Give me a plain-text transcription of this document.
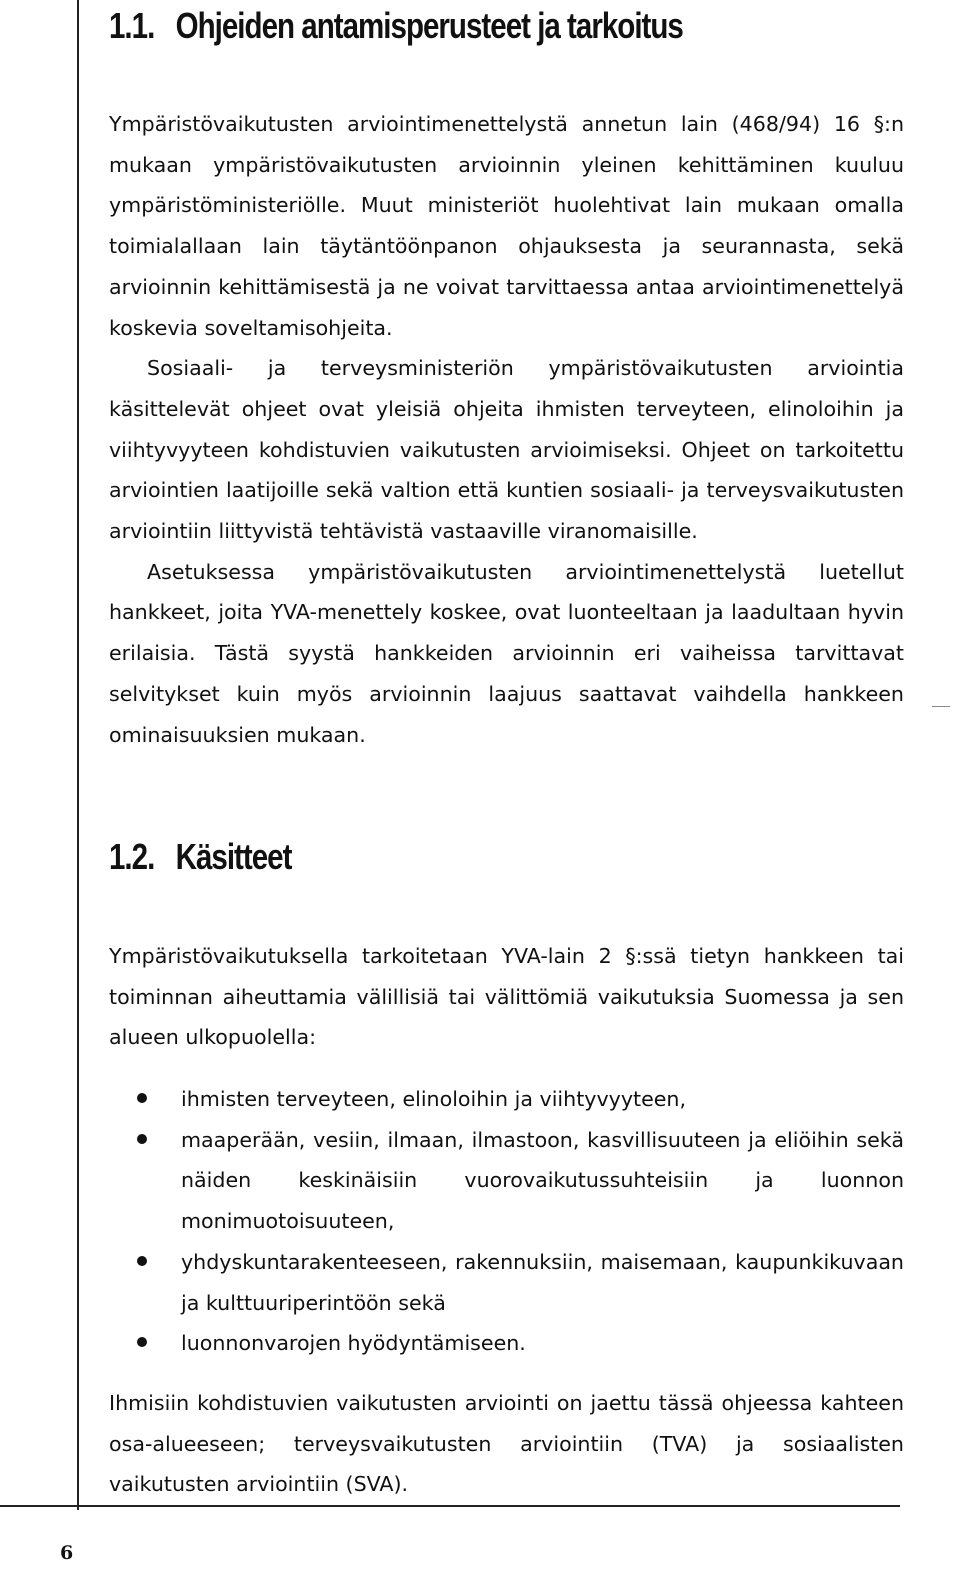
1.1. Ohjeiden antamisperusteet ja tarkoitus

Ympäristövaikutusten arviointimenettelystä annetun lain (468/94) 16 §:n mukaan ympäristövaikutusten arvioinnin yleinen kehittäminen kuuluu ympäristöministeriölle. Muut ministeriöt huolehtivat lain mukaan omalla toimialallaan lain täytäntöönpanon ohjauksesta ja seurannasta, sekä arvioinnin kehittämisestä ja ne voivat tarvittaessa antaa arviointimenettelyä koskevia soveltamisohjeita.

Sosiaali- ja terveysministeriön ympäristövaikutusten arviointia käsittelevät ohjeet ovat yleisiä ohjeita ihmisten terveyteen, elinoloihin ja viihtyvyyteen kohdistuvien vaikutusten arvioimiseksi. Ohjeet on tarkoitettu arviointien laatijoille sekä valtion että kuntien sosiaali- ja terveysvaikutusten arviointiin liittyvistä tehtävistä vastaaville viranomaisille.

Asetuksessa ympäristövaikutusten arviointimenettelystä luetellut hankkeet, joita YVA-menettely koskee, ovat luonteeltaan ja laadultaan hyvin erilaisia. Tästä syystä hankkeiden arvioinnin eri vaiheissa tarvittavat selvitykset kuin myös arvioinnin laajuus saattavat vaihdella hankkeen ominaisuuksien mukaan.

1.2. Käsitteet

Ympäristövaikutuksella tarkoitetaan YVA-lain 2 §:ssä tietyn hankkeen tai toiminnan aiheuttamia välillisiä tai välittömiä vaikutuksia Suomessa ja sen alueen ulkopuolella:

ihmisten terveyteen, elinoloihin ja viihtyvyyteen,
maaperään, vesiin, ilmaan, ilmastoon, kasvillisuuteen ja eliöihin sekä näiden keskinäisiin vuorovaikutussuhteisiin ja luonnon monimuotoisuuteen,
yhdyskuntarakenteeseen, rakennuksiin, maisemaan, kaupunkikuvaan ja kulttuuriperintöön sekä
luonnonvarojen hyödyntämiseen.

Ihmisiin kohdistuvien vaikutusten arviointi on jaettu tässä ohjeessa kahteen osa-alueeseen; terveysvaikutusten arviointiin (TVA) ja sosiaalisten vaikutusten arviointiin (SVA).

6
